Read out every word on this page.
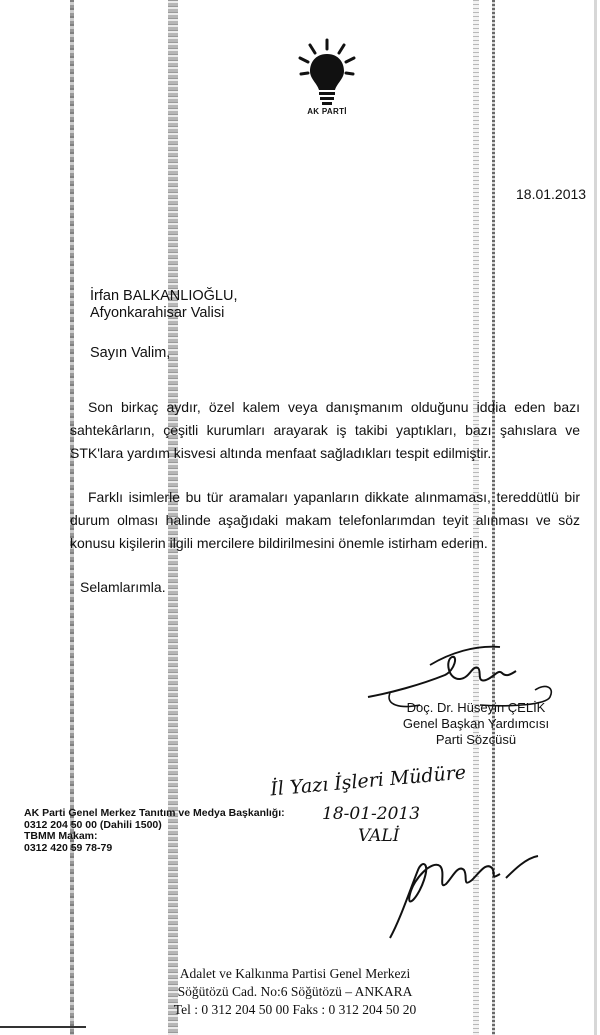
AK PARTİ
18.01.2013
İrfan BALKANLIOĞLU,
Afyonkarahisar Valisi
Sayın Valim,

Son birkaç aydır, özel kalem veya danışmanım olduğunu iddia eden bazı sahtekârların, çeşitli kurumları arayarak iş takibi yaptıkları, bazı şahıslara ve STK'lara yardım kisvesi altında menfaat sağladıkları tespit edilmiştir.

Farklı isimlerle bu tür aramaları yapanların dikkate alınmaması, tereddütlü bir durum olması halinde aşağıdaki makam telefonlarımdan teyit alınması ve söz konusu kişilerin ilgili mercilere bildirilmesini önemle istirham ederim.

Selamlarımla.
Doç. Dr. Hüseyin ÇELİK
Genel Başkan Yardımcısı
Parti Sözcüsü
İl Yazı İşleri Müdüre
18-01-2013
VALİ
AK Parti Genel Merkez Tanıtım ve Medya Başkanlığı:
0312 204 50 00 (Dahili 1500)
TBMM Makam:
0312 420 59 78-79
Adalet ve Kalkınma Partisi Genel Merkezi
Söğütözü Cad. No:6 Söğütözü – ANKARA
Tel : 0 312 204 50 00 Faks : 0 312 204 50 20
